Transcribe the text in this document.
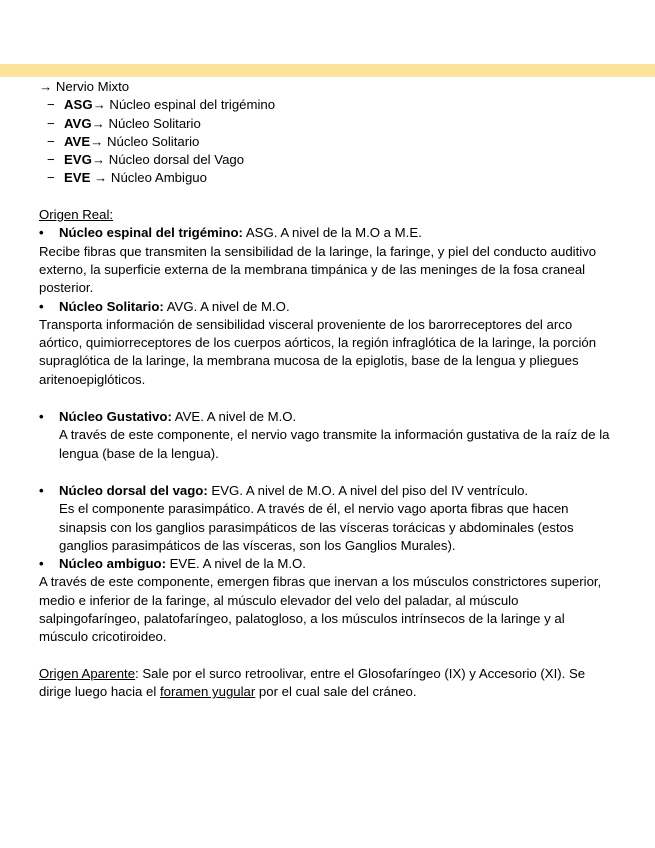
→ Nervio Mixto
− ASG→ Núcleo espinal del trigémino
− AVG→ Núcleo Solitario
− AVE→ Núcleo Solitario
− EVG→ Núcleo dorsal del Vago
− EVE → Núcleo Ambiguo
Origen Real:
• Núcleo espinal del trigémino: ASG. A nivel de la M.O a M.E.
Recibe fibras que transmiten la sensibilidad de la laringe, la faringe, y piel del conducto auditivo externo, la superficie externa de la membrana timpánica y de las meninges de la fosa craneal posterior.
• Núcleo Solitario: AVG. A nivel de M.O.
Transporta información de sensibilidad visceral proveniente de los barorreceptores del arco aórtico, quimiorreceptores de los cuerpos aórticos, la región infraglótica de la laringe, la porción supraglótica de la laringe, la membrana mucosa de la epiglotis, base de la lengua y pliegues aritenoepiglóticos.
• Núcleo Gustativo: AVE. A nivel de M.O.
A través de este componente, el nervio vago transmite la información gustativa de la raíz de la lengua (base de la lengua).
• Núcleo dorsal del vago: EVG. A nivel de M.O. A nivel del piso del IV ventrículo.
Es el componente parasimpático. A través de él, el nervio vago aporta fibras que hacen sinapsis con los ganglios parasimpáticos de las vísceras torácicas y abdominales (estos ganglios parasimpáticos de las vísceras, son los Ganglios Murales).
• Núcleo ambiguo: EVE. A nivel de la M.O.
A través de este componente, emergen fibras que inervan a los músculos constrictores superior, medio e inferior de la faringe, al músculo elevador del velo del paladar, al músculo salpingofaríngeo, palatofaríngeo, palatogloso, a los músculos intrínsecos de la laringe y al músculo cricotiroideo.
Origen Aparente: Sale por el surco retroolivar, entre el Glosofaríngeo (IX) y Accesorio (XI). Se dirige luego hacia el foramen yugular por el cual sale del cráneo.
